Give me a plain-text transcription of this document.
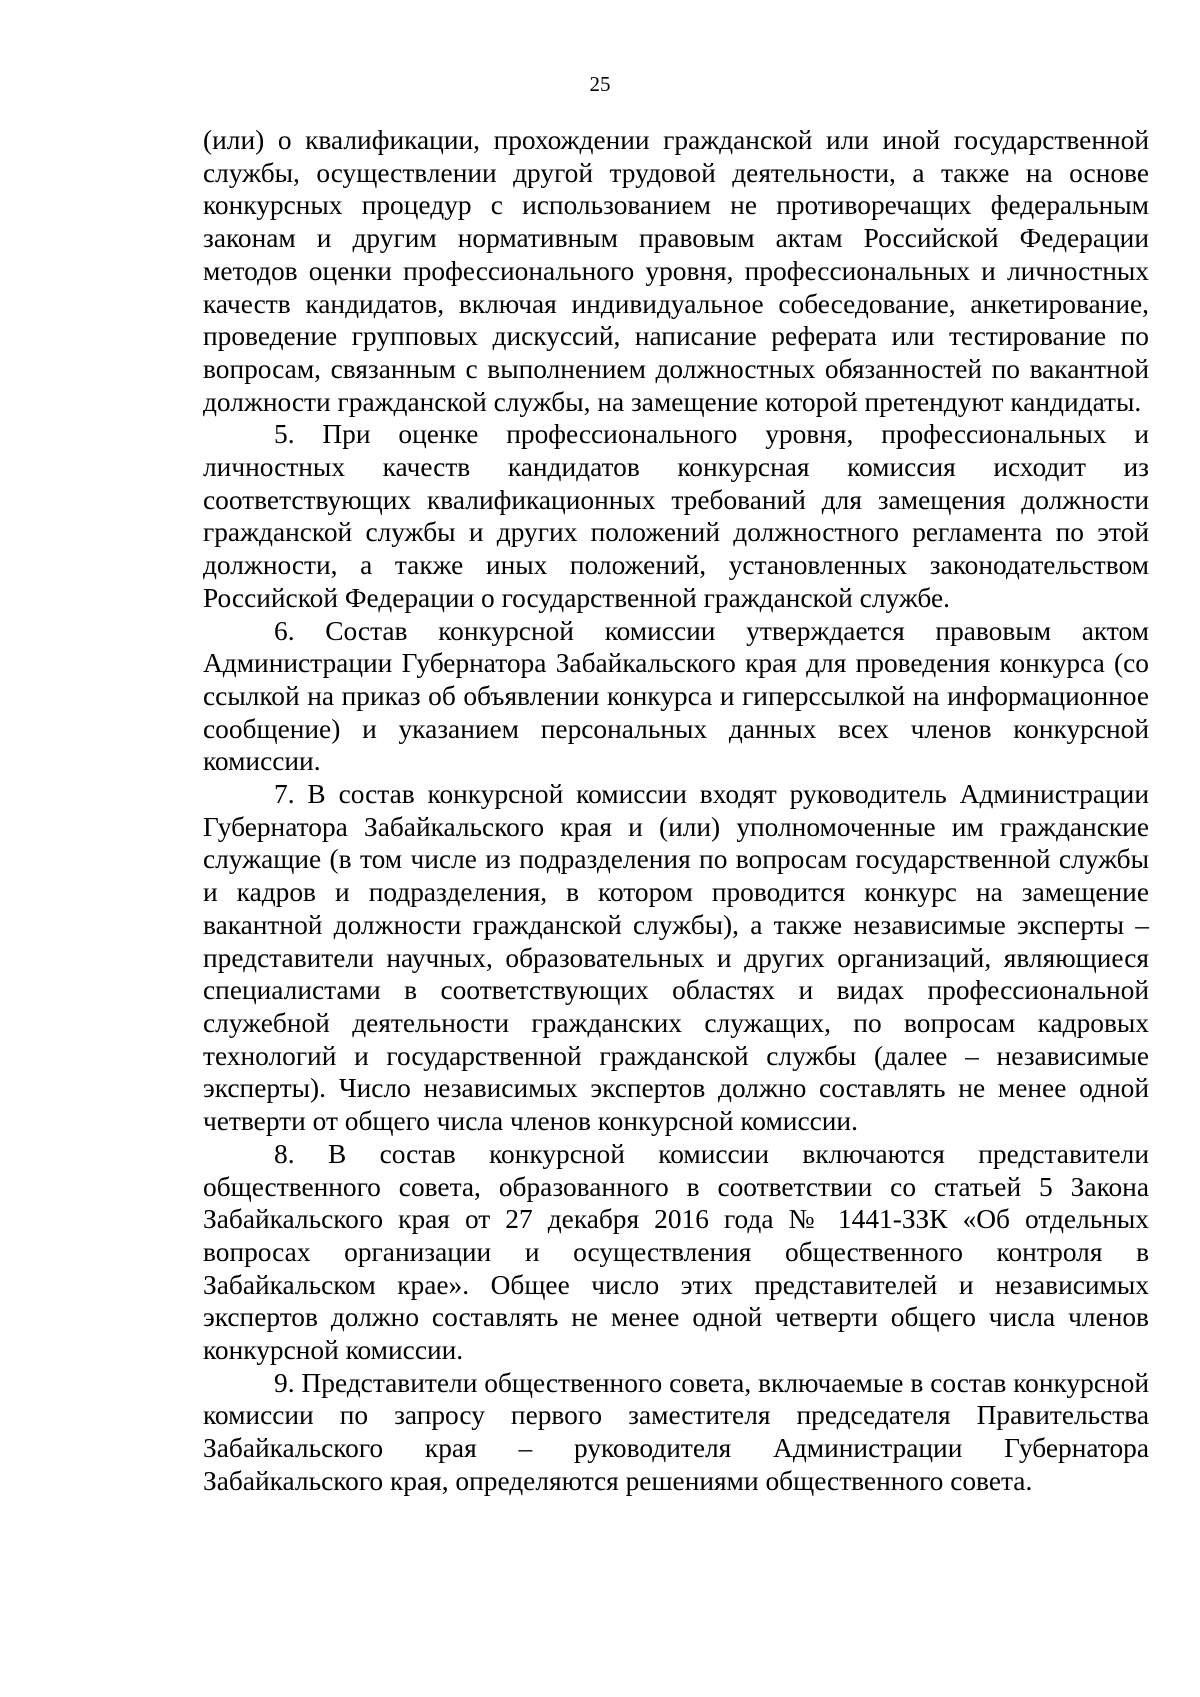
25

(или) о квалификации, прохождении гражданской или иной государственной службы, осуществлении другой трудовой деятельности, а также на основе конкурсных процедур с использованием не противоречащих федеральным законам и другим нормативным правовым актам Российской Федерации методов оценки профессионального уровня, профессиональных и личностных качеств кандидатов, включая индивидуальное собеседование, анкетирование, проведение групповых дискуссий, написание реферата или тестирование по вопросам, связанным с выполнением должностных обязанностей по вакантной должности гражданской службы, на замещение которой претендуют кандидаты.

5. При оценке профессионального уровня, профессиональных и личностных качеств кандидатов конкурсная комиссия исходит из соответствующих квалификационных требований для замещения должности гражданской службы и других положений должностного регламента по этой должности, а также иных положений, установленных законодательством Российской Федерации о государственной гражданской службе.

6. Состав конкурсной комиссии утверждается правовым актом Администрации Губернатора Забайкальского края для проведения конкурса (со ссылкой на приказ об объявлении конкурса и гиперссылкой на информационное сообщение) и указанием персональных данных всех членов конкурсной комиссии.

7. В состав конкурсной комиссии входят руководитель Администрации Губернатора Забайкальского края и (или) уполномоченные им гражданские служащие (в том числе из подразделения по вопросам государственной службы и кадров и подразделения, в котором проводится конкурс на замещение вакантной должности гражданской службы), а также независимые эксперты – представители научных, образовательных и других организаций, являющиеся специалистами в соответствующих областях и видах профессиональной служебной деятельности гражданских служащих, по вопросам кадровых технологий и государственной гражданской службы (далее – независимые эксперты). Число независимых экспертов должно составлять не менее одной четверти от общего числа членов конкурсной комиссии.

8. В состав конкурсной комиссии включаются представители общественного совета, образованного в соответствии со статьей 5 Закона Забайкальского края от 27 декабря 2016 года № 1441-ЗЗК «Об отдельных вопросах организации и осуществления общественного контроля в Забайкальском крае». Общее число этих представителей и независимых экспертов должно составлять не менее одной четверти общего числа членов конкурсной комиссии.

9. Представители общественного совета, включаемые в состав конкурсной комиссии по запросу первого заместителя председателя Правительства Забайкальского края – руководителя Администрации Губернатора Забайкальского края, определяются решениями общественного совета.
